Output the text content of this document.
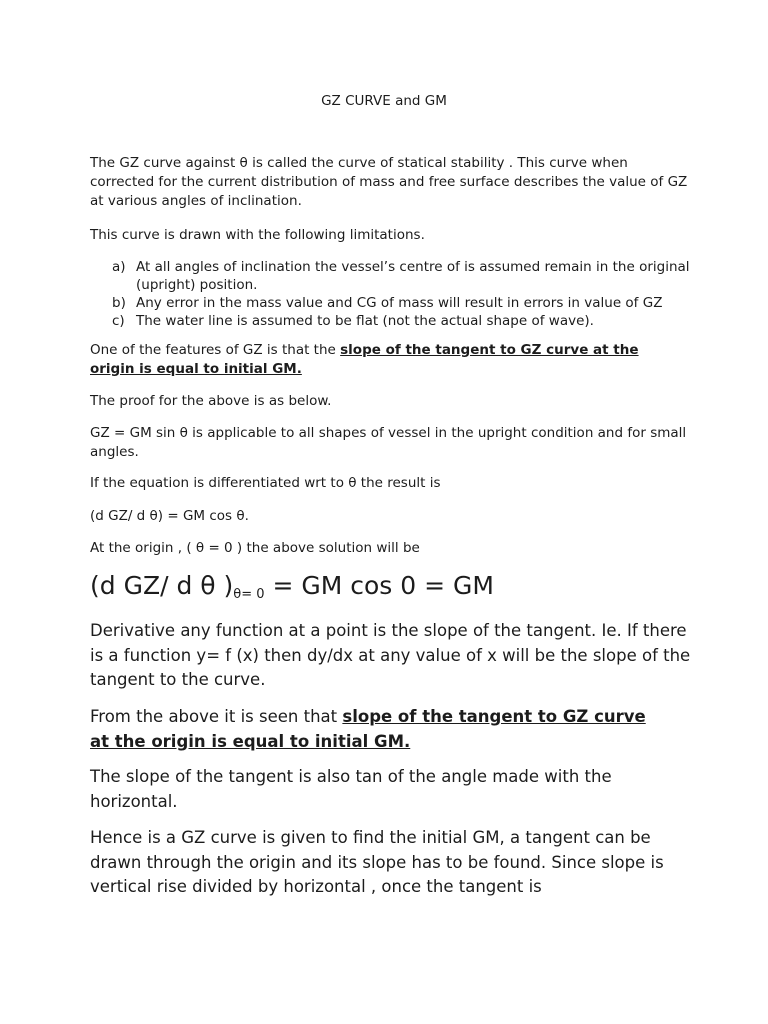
GZ CURVE and GM
The GZ curve against θ is called the curve of statical stability . This curve when corrected for the current distribution of mass and free surface describes the value of GZ at various angles of inclination.
This curve is drawn with the following limitations.
a) At all angles of inclination the vessel’s centre of is assumed remain in the original (upright) position.
b) Any error in the mass value and CG of mass will result in errors in value of GZ
c) The water line is assumed to be flat (not the actual shape of wave).
One of the features of GZ is that the slope of the tangent to GZ curve at the origin is equal to initial GM.
The proof for the above is as below.
GZ = GM sin θ is applicable to all shapes of vessel in the upright condition and for small angles.
If the equation is differentiated wrt to θ the result is
(d GZ/ d θ) = GM cos θ.
At the origin , ( θ = 0 ) the above solution will be
(d GZ/ d θ )$_{\theta= 0}$ = GM cos 0 = GM
Derivative any function at a point is the slope of the tangent. Ie. If there is a function y= f (x) then dy/dx at any value of x will be the slope of the tangent to the curve.
From the above it is seen that slope of the tangent to GZ curve at the origin is equal to initial GM.
The slope of the tangent is also tan of the angle made with the horizontal.
Hence is a GZ curve is given to find the initial GM, a tangent can be drawn through the origin and its slope has to be found. Since slope is vertical rise divided by horizontal , once the tangent is
